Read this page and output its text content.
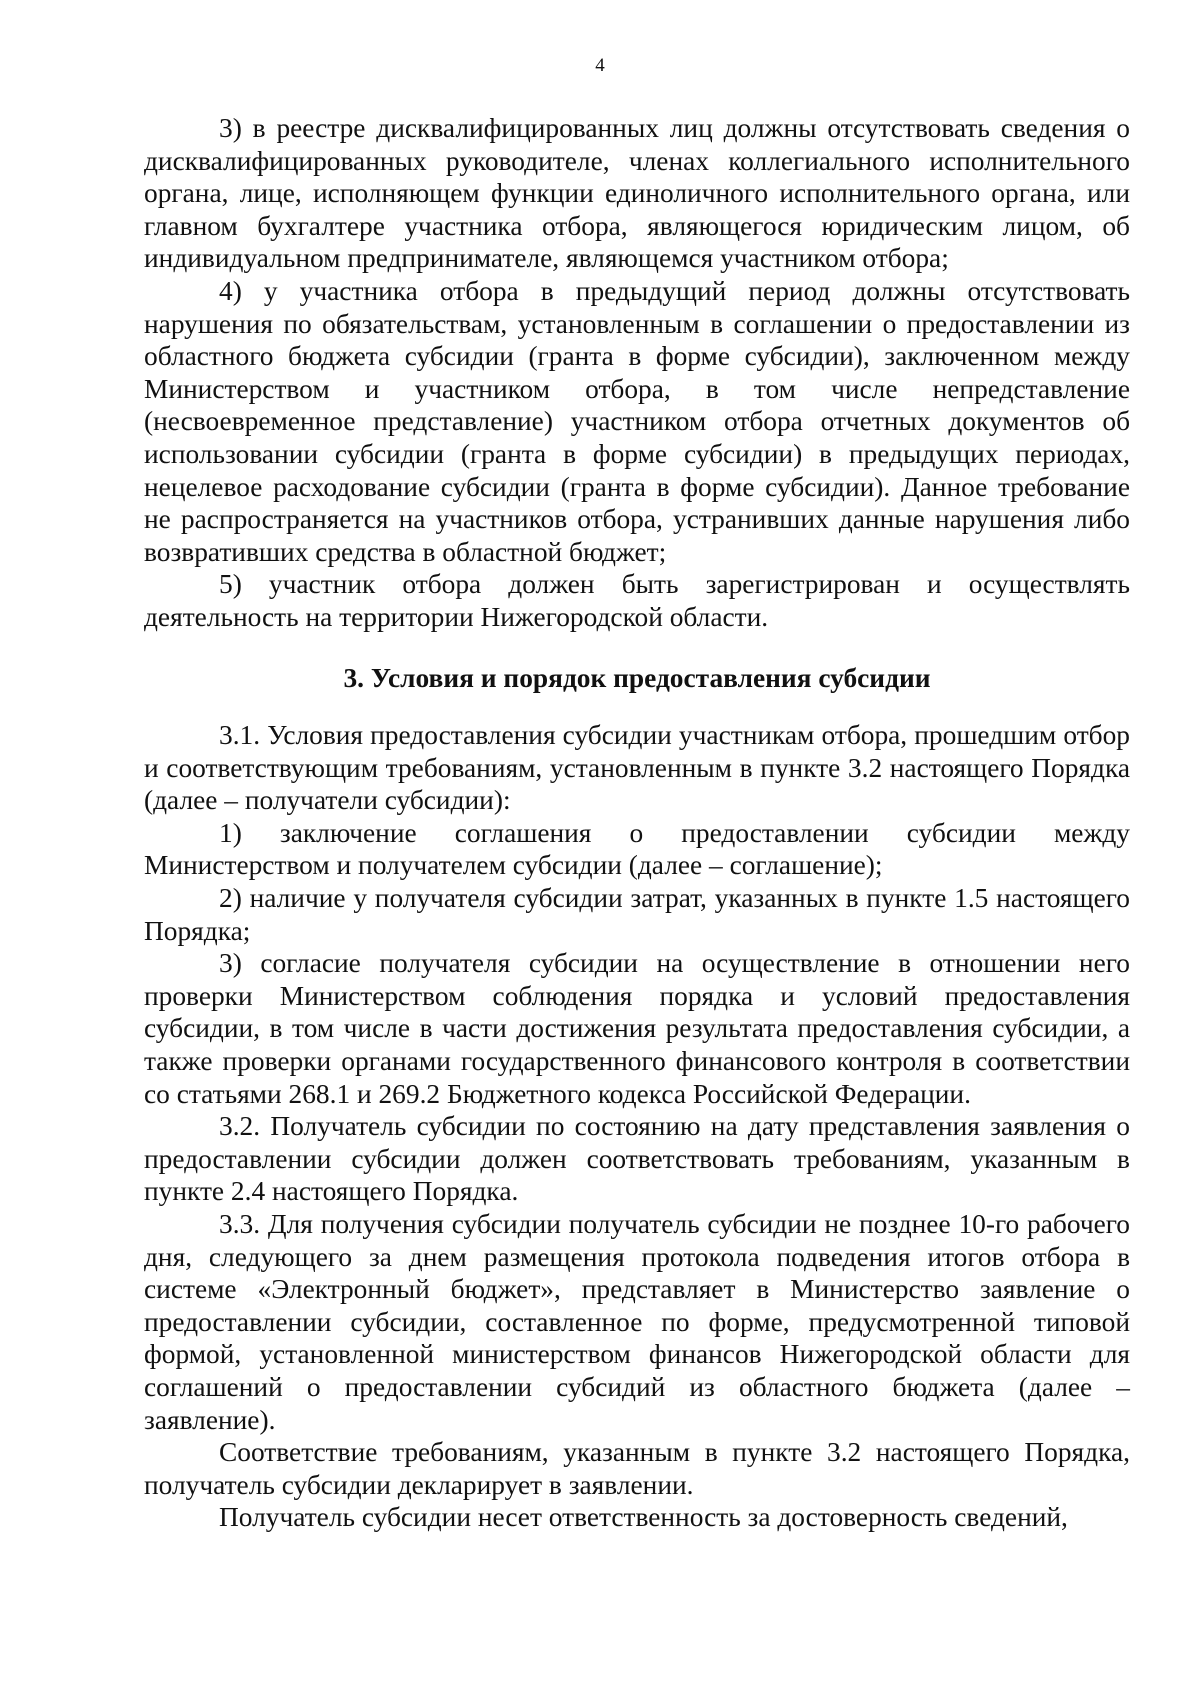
4

3) в реестре дисквалифицированных лиц должны отсутствовать сведения о дисквалифицированных руководителе, членах коллегиального исполнительного органа, лице, исполняющем функции единоличного исполнительного органа, или главном бухгалтере участника отбора, являющегося юридическим лицом, об индивидуальном предпринимателе, являющемся участником отбора;

4) у участника отбора в предыдущий период должны отсутствовать нарушения по обязательствам, установленным в соглашении о предоставлении из областного бюджета субсидии (гранта в форме субсидии), заключенном между Министерством и участником отбора, в том числе непредставление (несвоевременное представление) участником отбора отчетных документов об использовании субсидии (гранта в форме субсидии) в предыдущих периодах, нецелевое расходование субсидии (гранта в форме субсидии). Данное требование не распространяется на участников отбора, устранивших данные нарушения либо возвративших средства в областной бюджет;

5) участник отбора должен быть зарегистрирован и осуществлять деятельность на территории Нижегородской области.

3. Условия и порядок предоставления субсидии

3.1. Условия предоставления субсидии участникам отбора, прошедшим отбор и соответствующим требованиям, установленным в пункте 3.2 настоящего Порядка (далее – получатели субсидии):

1) заключение соглашения о предоставлении субсидии между Министерством и получателем субсидии (далее – соглашение);

2) наличие у получателя субсидии затрат, указанных в пункте 1.5 настоящего Порядка;

3) согласие получателя субсидии на осуществление в отношении него проверки Министерством соблюдения порядка и условий предоставления субсидии, в том числе в части достижения результата предоставления субсидии, а также проверки органами государственного финансового контроля в соответствии со статьями 268.1 и 269.2 Бюджетного кодекса Российской Федерации.

3.2. Получатель субсидии по состоянию на дату представления заявления о предоставлении субсидии должен соответствовать требованиям, указанным в пункте 2.4 настоящего Порядка.

3.3. Для получения субсидии получатель субсидии не позднее 10-го рабочего дня, следующего за днем размещения протокола подведения итогов отбора в системе «Электронный бюджет», представляет в Министерство заявление о предоставлении субсидии, составленное по форме, предусмотренной типовой формой, установленной министерством финансов Нижегородской области для соглашений о предоставлении субсидий из областного бюджета (далее – заявление).

Соответствие требованиям, указанным в пункте 3.2 настоящего Порядка, получатель субсидии декларирует в заявлении.

Получатель субсидии несет ответственность за достоверность сведений,
